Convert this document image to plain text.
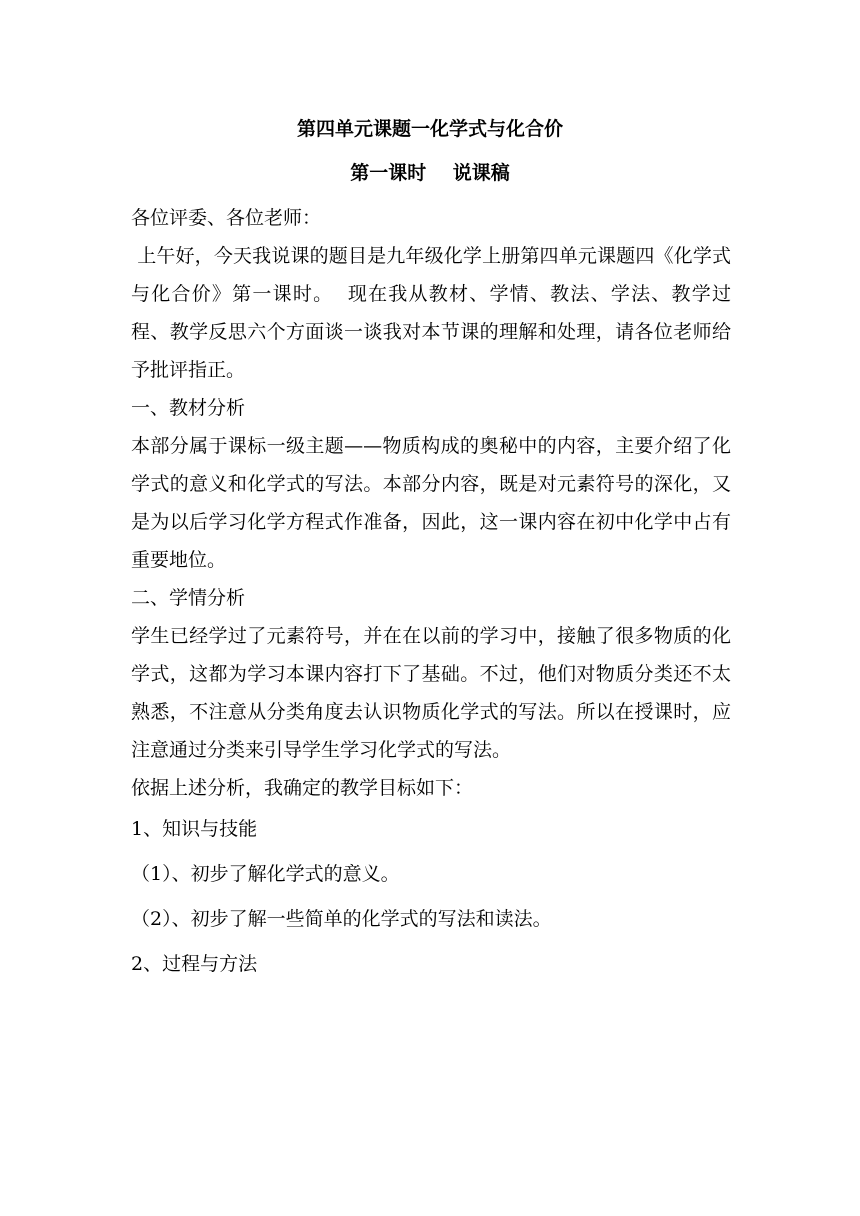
第四单元课题一化学式与化合价
第一课时    说课稿

各位评委、各位老师：

上午好，今天我说课的题目是九年级化学上册第四单元课题四《化学式与化合价》第一课时。  现在我从教材、学情、教法、学法、教学过程、教学反思六个方面谈一谈我对本节课的理解和处理，请各位老师给予批评指正。

一、教材分析

本部分属于课标一级主题——物质构成的奥秘中的内容，主要介绍了化学式的意义和化学式的写法。本部分内容，既是对元素符号的深化，又是为以后学习化学方程式作准备，因此，这一课内容在初中化学中占有重要地位。

二、学情分析

学生已经学过了元素符号，并在在以前的学习中，接触了很多物质的化学式，这都为学习本课内容打下了基础。不过，他们对物质分类还不太熟悉，不注意从分类角度去认识物质化学式的写法。所以在授课时，应注意通过分类来引导学生学习化学式的写法。

依据上述分析，我确定的教学目标如下：

1、知识与技能

（1）、初步了解化学式的意义。

（2）、初步了解一些简单的化学式的写法和读法。

2、过程与方法
